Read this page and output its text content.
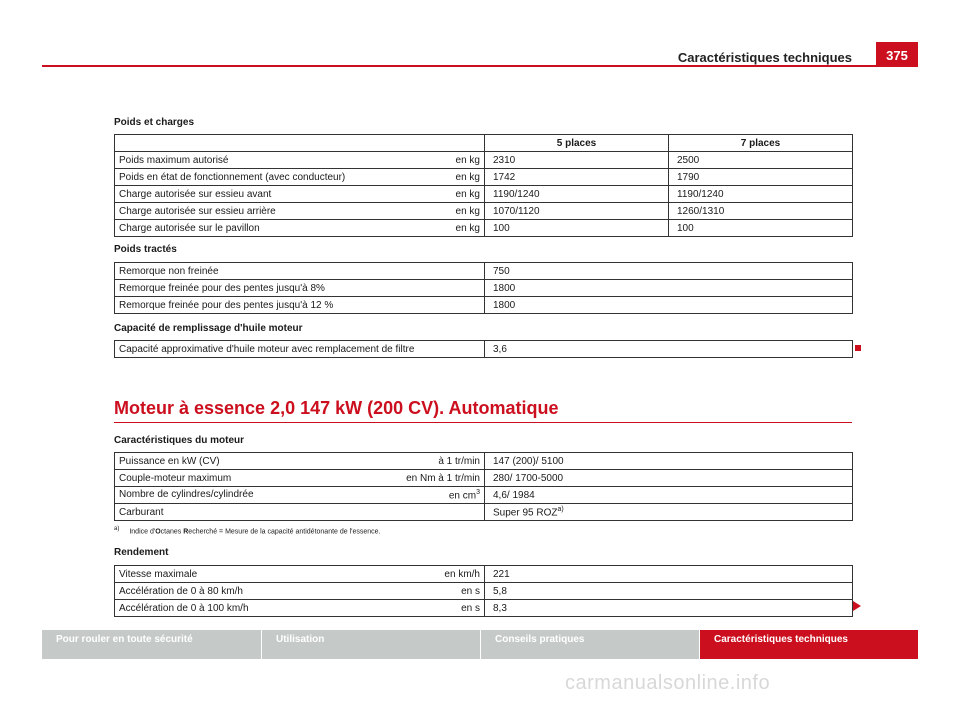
Caractéristiques techniques	375
Poids et charges
	5 places	7 places

Poids maximum autorisé en kg	2310	2500

Poids en état de fonctionnement (avec conducteur) en kg	1742	1790

Charge autorisée sur essieu avant en kg	1190/1240	1190/1240

Charge autorisée sur essieu arrière en kg	1070/1120	1260/1310

Charge autorisée sur le pavillon en kg	100	100
Poids tractés
Remorque non freinée	750
Remorque freinée pour des pentes jusqu'à 8%	1800
Remorque freinée pour des pentes jusqu'à 12 %	1800
Capacité de remplissage d'huile moteur
Capacité approximative d'huile moteur avec remplacement de filtre	3,6
Moteur à essence 2,0 147 kW (200 CV). Automatique
Caractéristiques du moteur
Puissance en kW (CV) à 1 tr/min	147 (200)/ 5100

Couple-moteur maximum en Nm à 1 tr/min	280/ 1700-5000

Nombre de cylindres/cylindrée en $cm^3$	4,6/ 1984

Carburant	Super 95 ROZ$^{a)}$
$^{a)}$ Indice d'Octanes Recherché = Mesure de la capacité antidétonante de l'essence.
Rendement
Vitesse maximale en km/h	221

Accélération de 0 à 80 km/h en s	5,8

Accélération de 0 à 100 km/h en s	8,3
Pour rouler en toute sécurité	Utilisation	Conseils pratiques	Caractéristiques techniques
carmanualsonline.info
